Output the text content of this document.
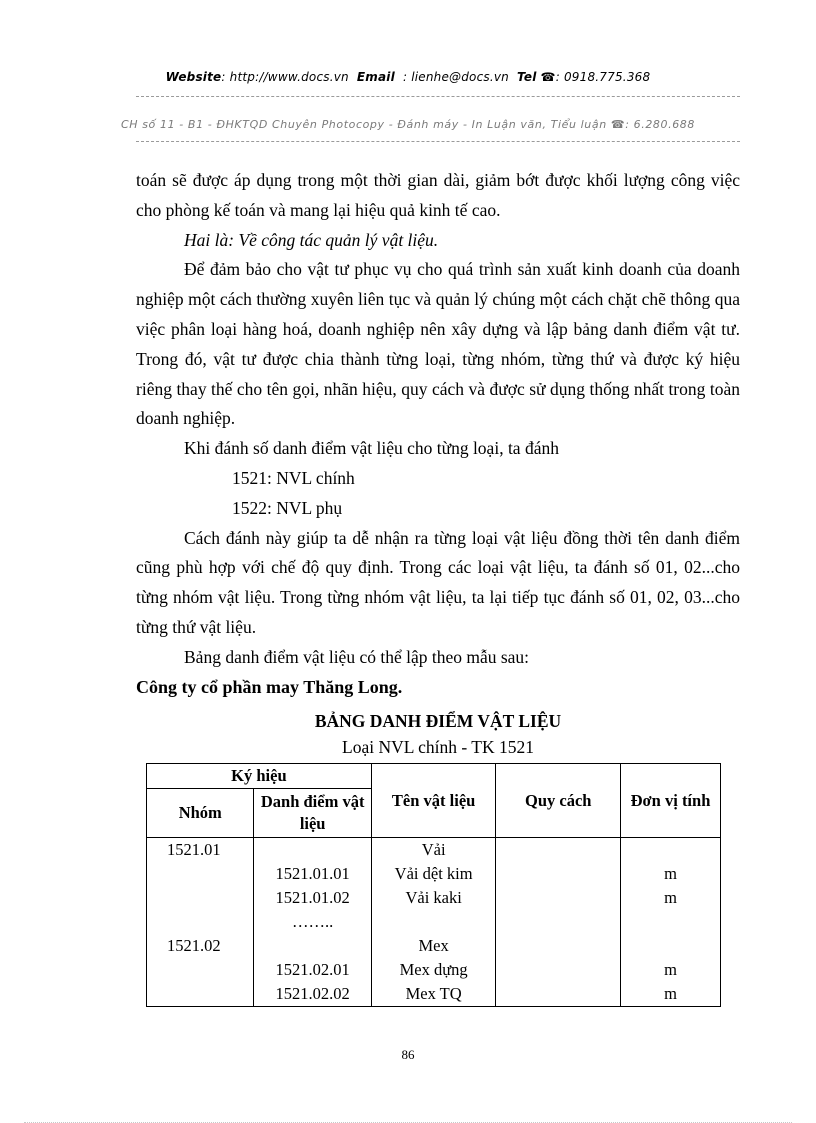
Website: http://www.docs.vn Email : lienhe@docs.vn Tel ☎: 0918.775.368
CH số 11 - B1 - ĐHKTQD Chuyên Photocopy - Đánh máy - In Luận văn, Tiểu luận ☎: 6.280.688

toán sẽ được áp dụng trong một thời gian dài, giảm bớt được khối lượng công việc cho phòng kế toán và mang lại hiệu quả kinh tế cao.

Hai là: Về công tác quản lý vật liệu.

Để đảm bảo cho vật tư phục vụ cho quá trình sản xuất kinh doanh của doanh nghiệp một cách thường xuyên liên tục và quản lý chúng một cách chặt chẽ thông qua việc phân loại hàng hoá, doanh nghiệp nên xây dựng và lập bảng danh điểm vật tư. Trong đó, vật tư được chia thành từng loại, từng nhóm, từng thứ và được ký hiệu riêng thay thế cho tên gọi, nhãn hiệu, quy cách và được sử dụng thống nhất trong toàn doanh nghiệp.

Khi đánh số danh điểm vật liệu cho từng loại, ta đánh

1521: NVL chính

1522: NVL phụ

Cách đánh này giúp ta dễ nhận ra từng loại vật liệu đồng thời tên danh điểm cũng phù hợp với chế độ quy định. Trong các loại vật liệu, ta đánh số 01, 02...cho từng nhóm vật liệu. Trong từng nhóm vật liệu, ta lại tiếp tục đánh số 01, 02, 03...cho từng thứ vật liệu.

Bảng danh điểm vật liệu có thể lập theo mẫu sau:

Công ty cổ phần may Thăng Long.

BẢNG DANH ĐIỂM VẬT LIỆU
Loại NVL chính - TK 1521
Ký hiệu		Tên vật liệu	Quy cách	Đơn vị tính
Nhóm	Danh điểm vật liệu			
1521.01		Vải		
	1521.01.01	Vải dệt kim		m
	1521.01.02	Vải kaki		m
	……..			
1521.02		Mex		
	1521.02.01	Mex dựng		m
	1521.02.02	Mex TQ		m
86
